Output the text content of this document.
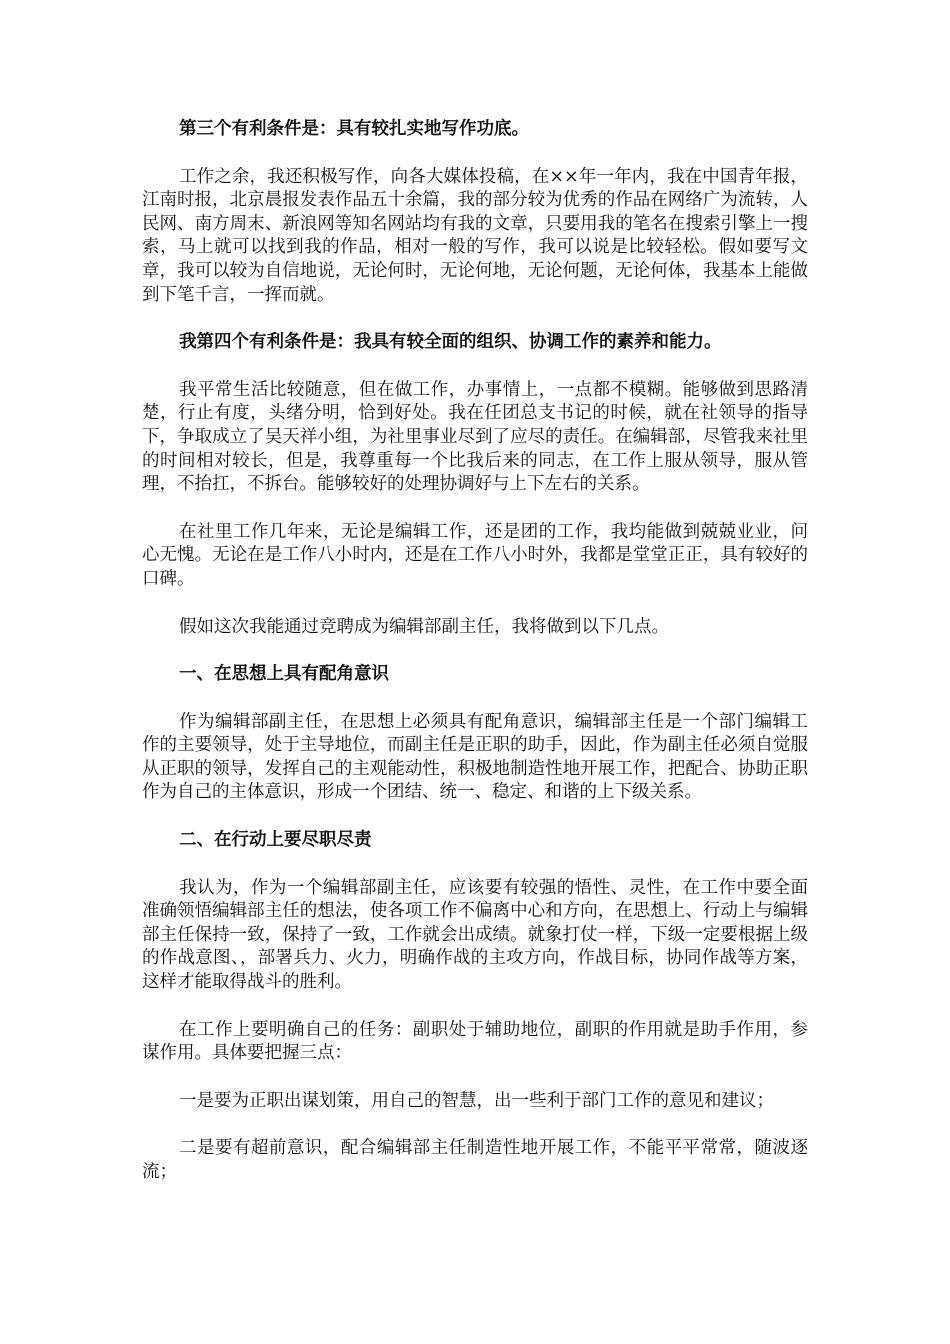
第三个有利条件是：具有较扎实地写作功底。

工作之余，我还积极写作，向各大媒体投稿，在××年一年内，我在中国青年报，江南时报，北京晨报发表作品五十余篇，我的部分较为优秀的作品在网络广为流转，人民网、南方周末、新浪网等知名网站均有我的文章，只要用我的笔名在搜索引擎上一搜索，马上就可以找到我的作品，相对一般的写作，我可以说是比较轻松。假如要写文章，我可以较为自信地说，无论何时，无论何地，无论何题，无论何体，我基本上能做到下笔千言，一挥而就。

我第四个有利条件是：我具有较全面的组织、协调工作的素养和能力。

我平常生活比较随意，但在做工作，办事情上，一点都不模糊。能够做到思路清楚，行止有度，头绪分明，恰到好处。我在任团总支书记的时候，就在社领导的指导下，争取成立了吴天祥小组，为社里事业尽到了应尽的责任。在编辑部，尽管我来社里的时间相对较长，但是，我尊重每一个比我后来的同志，在工作上服从领导，服从管理，不抬扛，不拆台。能够较好的处理协调好与上下左右的关系。

在社里工作几年来，无论是编辑工作，还是团的工作，我均能做到兢兢业业，问心无愧。无论在是工作八小时内，还是在工作八小时外，我都是堂堂正正，具有较好的口碑。

假如这次我能通过竞聘成为编辑部副主任，我将做到以下几点。

一、在思想上具有配角意识

作为编辑部副主任，在思想上必须具有配角意识，编辑部主任是一个部门编辑工作的主要领导，处于主导地位，而副主任是正职的助手，因此，作为副主任必须自觉服从正职的领导，发挥自己的主观能动性，积极地制造性地开展工作，把配合、协助正职作为自己的主体意识，形成一个团结、统一、稳定、和谐的上下级关系。

二、在行动上要尽职尽责

我认为，作为一个编辑部副主任，应该要有较强的悟性、灵性，在工作中要全面准确领悟编辑部主任的想法，使各项工作不偏离中心和方向，在思想上、行动上与编辑部主任保持一致，保持了一致，工作就会出成绩。就象打仗一样，下级一定要根据上级的作战意图、，部署兵力、火力，明确作战的主攻方向，作战目标，协同作战等方案，这样才能取得战斗的胜利。

在工作上要明确自己的任务：副职处于辅助地位，副职的作用就是助手作用，参谋作用。具体要把握三点：

一是要为正职出谋划策，用自己的智慧，出一些利于部门工作的意见和建议；

二是要有超前意识，配合编辑部主任制造性地开展工作，不能平平常常，随波逐流；
